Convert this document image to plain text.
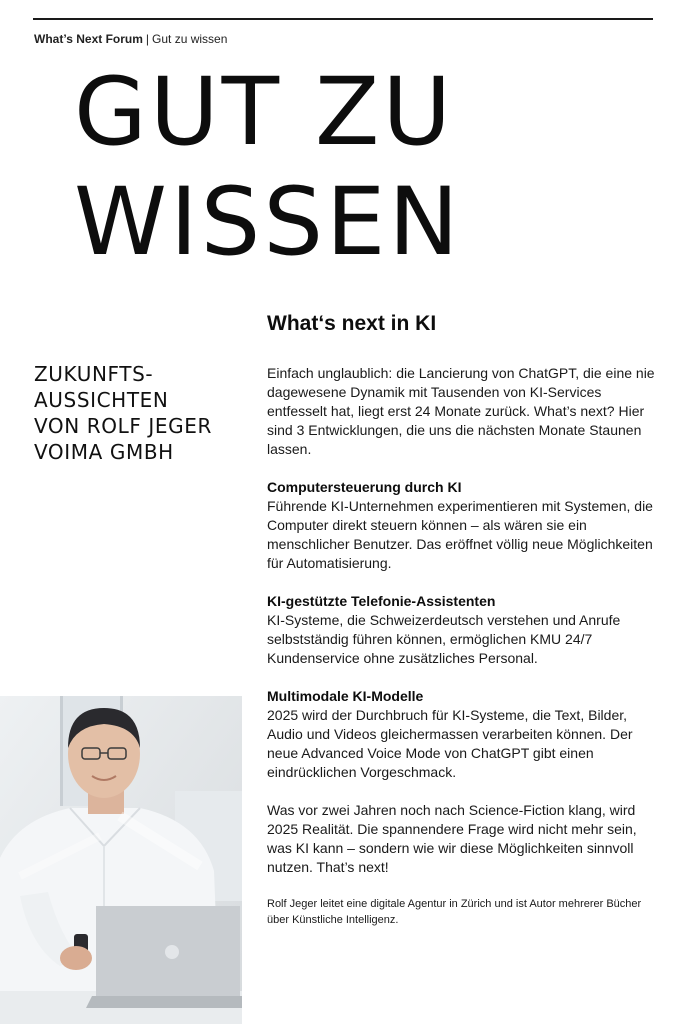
What’s Next Forum | Gut zu wissen
GUT ZU
WISSEN
ZUKUNFTS-
AUSSICHTEN
VON ROLF JEGER
VOIMA GMBH
What‘s next in KI

Einfach unglaublich: die Lancierung von ChatGPT, die eine nie dagewesene Dynamik mit Tausenden von KI-Services entfesselt hat, liegt erst 24 Monate zurück. What’s next? Hier sind 3 Entwicklungen, die uns die nächsten Monate Staunen lassen.

Computersteuerung durch KI

Führende KI-Unternehmen experimentieren mit Systemen, die Computer direkt steuern können – als wären sie ein menschlicher Benutzer. Das eröffnet völlig neue Möglichkeiten für Automatisierung.

KI-gestützte Telefonie-Assistenten

KI-Systeme, die Schweizerdeutsch verstehen und Anrufe selbstständig führen können, ermöglichen KMU 24/7 Kundenservice ohne zusätzliches Personal.

Multimodale KI-Modelle

2025 wird der Durchbruch für KI-Systeme, die Text, Bilder, Audio und Videos gleichermassen verarbeiten können. Der neue Advanced Voice Mode von ChatGPT gibt einen eindrücklichen Vorgeschmack.

Was vor zwei Jahren noch nach Science-Fiction klang, wird 2025 Realität. Die spannendere Frage wird nicht mehr sein, was KI kann – sondern wie wir diese Möglichkeiten sinnvoll nutzen. That’s next!

Rolf Jeger leitet eine digitale Agentur in Zürich und ist Autor mehrerer Bücher über Künstliche Intelligenz.
